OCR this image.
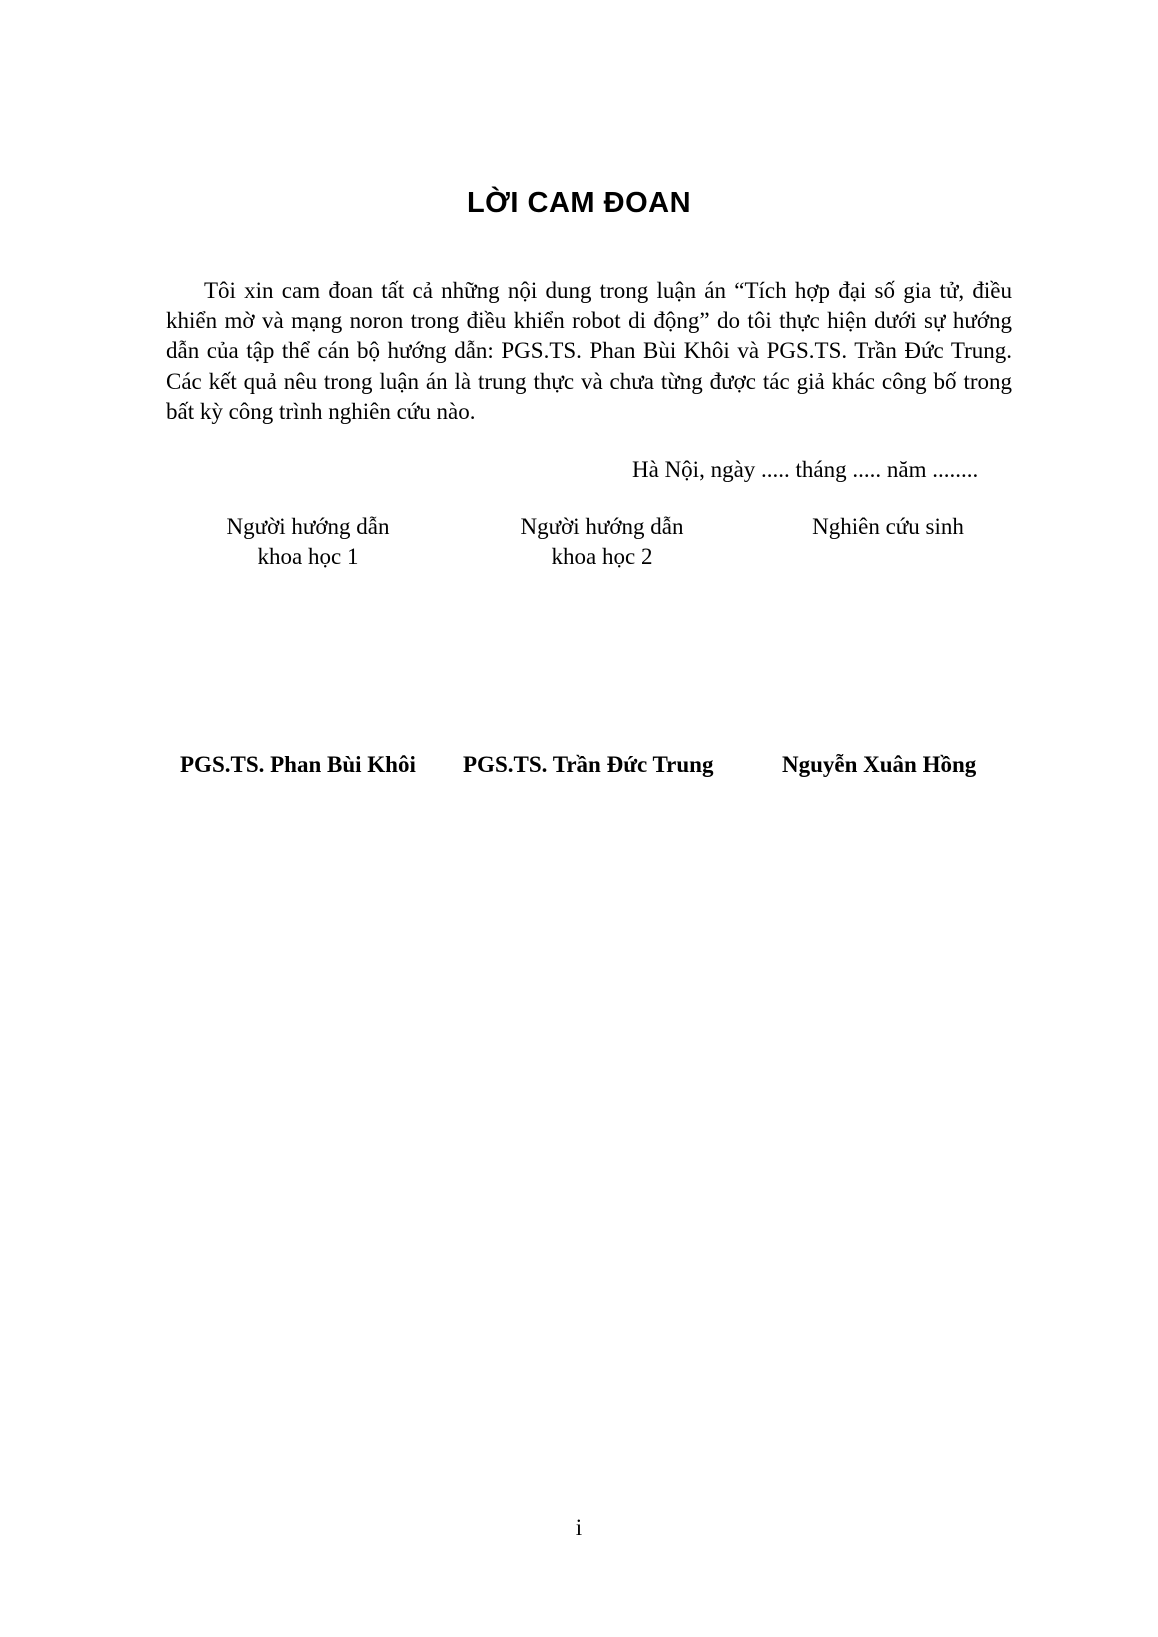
LỜI CAM ĐOAN

Tôi xin cam đoan tất cả những nội dung trong luận án “Tích hợp đại số gia tử, điều khiển mờ và mạng noron trong điều khiển robot di động” do tôi thực hiện dưới sự hướng dẫn của tập thể cán bộ hướng dẫn: PGS.TS. Phan Bùi Khôi và PGS.TS. Trần Đức Trung. Các kết quả nêu trong luận án là trung thực và chưa từng được tác giả khác công bố trong bất kỳ công trình nghiên cứu nào.

Hà Nội, ngày ..... tháng ..... năm ........

Người hướng dẫn
khoa học 1
Người hướng dẫn
khoa học 2
Nghiên cứu sinh

PGS.TS. Phan Bùi Khôi PGS.TS. Trần Đức Trung	Nguyễn Xuân Hồng

i
